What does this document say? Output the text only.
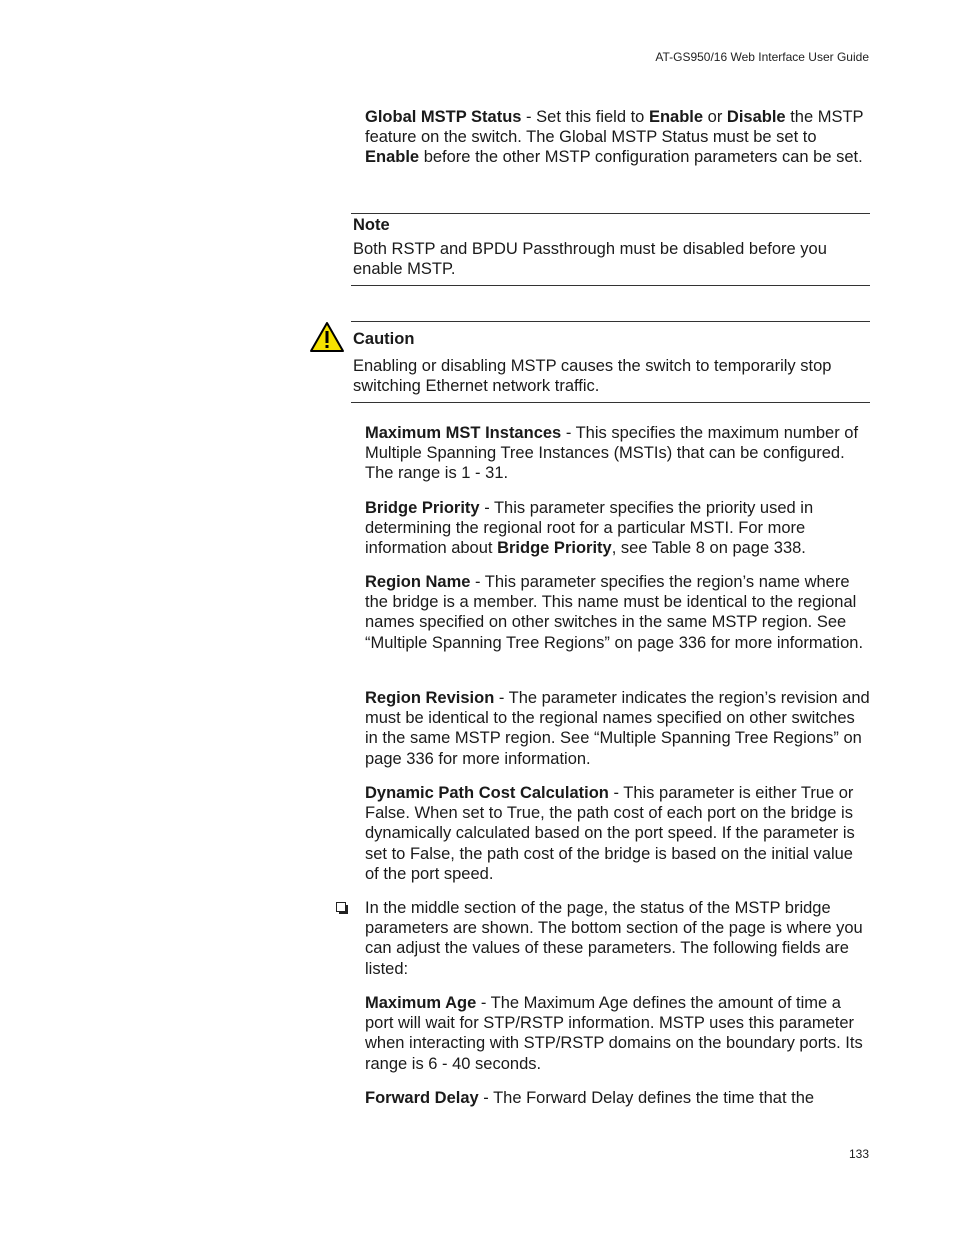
AT-GS950/16 Web Interface User Guide
Global MSTP Status - Set this field to Enable or Disable the MSTP feature on the switch. The Global MSTP Status must be set to Enable before the other MSTP configuration parameters can be set.
Note
Both RSTP and BPDU Passthrough must be disabled before you enable MSTP.
Caution
Enabling or disabling MSTP causes the switch to temporarily stop switching Ethernet network traffic.
Maximum MST Instances - This specifies the maximum number of Multiple Spanning Tree Instances (MSTIs) that can be configured. The range is 1 - 31.
Bridge Priority - This parameter specifies the priority used in determining the regional root for a particular MSTI. For more information about Bridge Priority, see Table 8 on page 338.
Region Name - This parameter specifies the region’s name where the bridge is a member. This name must be identical to the regional names specified on other switches in the same MSTP region. See “Multiple Spanning Tree Regions” on page 336 for more information.
Region Revision - The parameter indicates the region’s revision and must be identical to the regional names specified on other switches in the same MSTP region. See “Multiple Spanning Tree Regions” on page 336 for more information.
Dynamic Path Cost Calculation - This parameter is either True or False. When set to True, the path cost of each port on the bridge is dynamically calculated based on the port speed. If the parameter is set to False, the path cost of the bridge is based on the initial value of the port speed.
In the middle section of the page, the status of the MSTP bridge parameters are shown. The bottom section of the page is where you can adjust the values of these parameters. The following fields are listed:
Maximum Age - The Maximum Age defines the amount of time a port will wait for STP/RSTP information. MSTP uses this parameter when interacting with STP/RSTP domains on the boundary ports. Its range is 6 - 40 seconds.
Forward Delay - The Forward Delay defines the time that the
133
